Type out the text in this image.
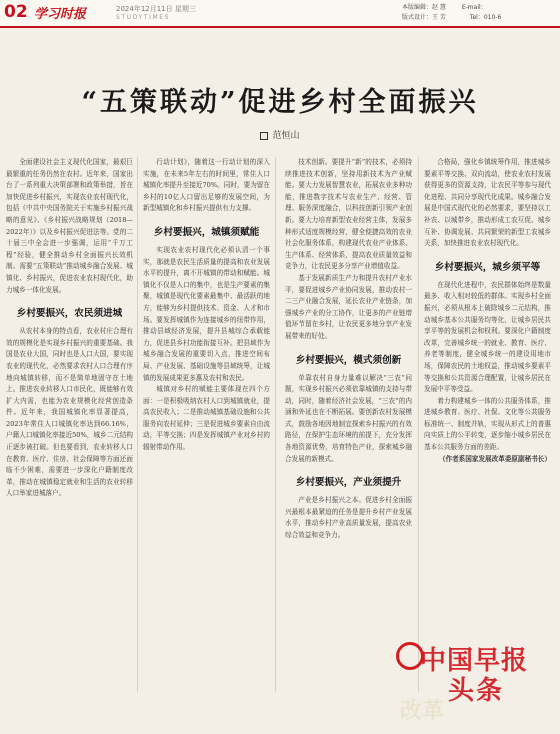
02 学习时报	2024年12月11日 星期三
STUDYTIMES
本版编辑：赵 慧	E-mail：
版式设计：王 芳	Tel：010-6
“五策联动”促进乡村全面振兴
范恒山

全面建设社会主义现代化国家，最艰巨最繁重的任务仍然在农村。近年来，国家出台了一系列重大决策部署和政策举措，旨在加快促进乡村振兴，实现农业农村现代化，包括《中共中央国务院关于实施乡村振兴战略的意见》、《乡村振兴战略规划（2018—2022年）》以及乡村振兴促进法等。党的二十届三中全会进一步强调，运用“千万工程”经验，健全推动乡村全面振兴长效机制。需要“五策联动”推动城乡融合发展、城镇化、乡村振兴，促进农业农村现代化，助力城乡一体化发展。

乡村要振兴，农民须进城

从农村本身的特点看，农业村庄合理有效的规模化是实现乡村振兴的重要基础。我国是农业大国，同时也是人口大国，要实现农业的现代化，必然要求农村人口合理有序地向城镇转移，而不是简单地固守在土地上。推进农业转移人口市民化，既能够有效扩大内需，也能为农业规模化经营创造条件。近年来，我国城镇化率显著提高，2023年常住人口城镇化率达到66.16%，户籍人口城镇化率接近50%，城乡二元结构正逐步被打破。但也要看到，农业转移人口在教育、医疗、住房、社会保障等方面还面临不少困难，需要进一步深化户籍制度改革，推动在城镇稳定就业和生活的农业转移人口举家进城落户。

行动计划》，随着这一行动计划的深入实施，在未来5年左右的时间里，常住人口城镇化率提升至接近70%。同时，要为留在乡村的10亿人口留出足够的发展空间，为新型城镇化和乡村振兴提供有力支撑。

乡村要振兴，城镇须赋能

实现农业农村现代化必须认清一个事实，那就是农民生活质量的提高和农业发展水平的提升，离不开城镇的带动和赋能。城镇化不仅是人口的集中，也是生产要素的集聚，城镇是现代化要素最集中、最活跃的地方，能够为乡村提供技术、资金、人才和市场。要发挥城镇作为连接城乡的纽带作用，推动县域经济发展，提升县城综合承载能力，促进县乡村功能衔接互补。把县域作为城乡融合发展的重要切入点，推进空间布局、产业发展、基础设施等县域统筹，让城镇的发展成果更多惠及农村和农民。

城镇对乡村的赋能主要体现在四个方面：一是积极吸纳农村人口到城镇就业，提高农民收入；二是推动城镇基础设施和公共服务向农村延伸；三是促进城乡要素自由流动，平等交换；四是发挥城镇产业对乡村的辐射带动作用。

技术创新。要提升“新”的技术，必须持续推进技术创新，坚持用新技术为产业赋能。要大力发展智慧农业，拓展农业多种功能，推进数字技术与农业生产、经营、管理、服务深度融合，以科技创新引领产业创新。要大力培育新型农业经营主体，发展多种形式适度规模经营，健全便捷高效的农业社会化服务体系，构建现代农业产业体系、生产体系、经营体系，提高农业质量效益和竞争力，让农民更多分享产业增值收益。

基于发展新质生产力和提升农村产业水平，要促进城乡产业协同发展，推动农村一二三产业融合发展，延长农业产业链条，加强城乡产业的分工协作，让更多的产业链增值环节留在乡村，让农民更多地分享产业发展带来的好处。

乡村要振兴，模式须创新

单靠农村自身力量难以解决“三农”问题，实现乡村振兴必须依靠城镇的支持与带动，同时，随着经济社会发展，“三农”的内涵和外延也在不断拓展。要创新农村发展模式，鼓励各地因地制宜探索乡村振兴的有效路径，在保护生态环境的前提下，充分发挥各地资源优势，培育特色产业，探索城乡融合发展的新模式。

乡村要振兴，产业须提升

产业是乡村振兴之本。促进乡村全面振兴最根本最紧迫的任务是提升乡村产业发展水平，推动乡村产业高质量发展，提高农业综合效益和竞争力。

合格局，强化乡镇统筹作用，推进城乡要素平等交换、双向流动，使农业农村发展获得更多的资源支持，让农民平等参与现代化进程、共同分享现代化成果。城乡融合发展是中国式现代化的必然要求，要坚持以工补农、以城带乡，推动形成工农互促、城乡互补、协调发展、共同繁荣的新型工农城乡关系，加快推进农业农村现代化。

乡村要振兴，城乡须平等

在现代化进程中，农民群体始终是数量最多、收入相对较低的群体。实现乡村全面振兴，必须从根本上破除城乡二元结构，推动城乡基本公共服务均等化，让城乡居民共享平等的发展机会和权利。要深化户籍制度改革，完善城乡统一的就业、教育、医疗、养老等制度，健全城乡统一的建设用地市场，保障农民的土地权益，推动城乡要素平等交换和公共资源合理配置，让城乡居民在发展中平等受益。

着力构建城乡一体的公共服务体系，推进城乡教育、医疗、社保、文化等公共服务标准统一、制度并轨，实现从形式上的普惠向实质上的公平转变，逐步缩小城乡居民在基本公共服务方面的差距。

（作者系国家发展改革委原副秘书长）

中国早报
改革
头条
